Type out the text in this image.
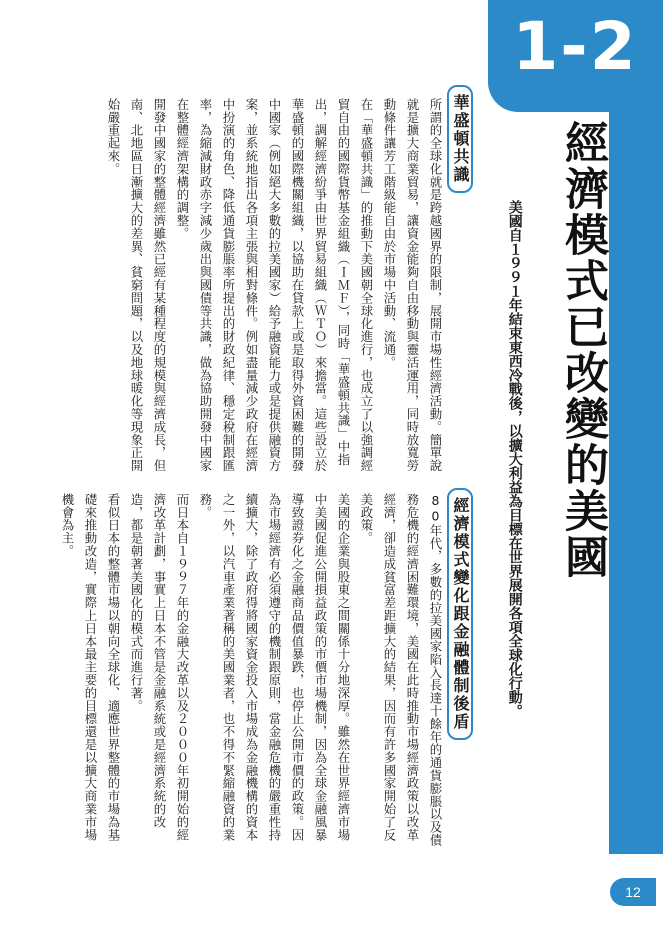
1-2
經濟模式已改變的美國
美國自１９９１年結束東西冷戰後，以擴大利益為目標在世界展開各項全球化行動。
華盛頓共識

所謂的全球化就是跨越國界的限制，展開市場性經濟活動。簡單說就是擴大商業貿易，讓資金能夠自由移動與靈活運用，同時放寬勞動條件讓芳工階級能自由於市場中活動、流通。

在「華盛頓共識」的推動下美國朝全球化進行，也成立了以強調經貿自由的國際貨幣基金組織（ＩＭＦ），同時「華盛頓共識」中指出，調解經濟紛爭由世界貿易組織（ＷＴＯ）來擔當。這些設立於華盛頓的國際機關組織，以協助在貸款上或是取得外資困難的開發中國家（例如絕大多數的拉美國家）給予融資能力或是提供融資方案，並系統地指出各項主張與相對條件。例如盡量減少政府在經濟中扮演的角色、降低通貨膨脹率所提出的財政紀律、穩定稅制跟匯率，為縮減財政赤字減少歲出與國債等共識，做為協助開發中國家在整體經濟架構的調整。

開發中國家的整體經濟雖然已經有某種程度的規模與經濟成長，但南、北地區日漸擴大的差異、貧窮問題，以及地球暖化等現象正開始嚴重起來。

經濟模式變化跟金融體制後盾

80年代，多數的拉美國家陷入長達十餘年的通貨膨脹以及債務危機的經濟困難環境，美國在此時推動市場經濟政策以改革經濟，卻造成貧富差距擴大的結果，因而有許多國家開始了反美政策。

美國的企業與股東之間關係十分地深厚。雖然在世界經濟市場中美國促進公開損益政策的市價市場機制，因為全球金融風暴導致證券化之金融商品價值暴跌，也停止公開市價的政策。因為市場經濟有必須遵守的機制跟原則，當金融危機的嚴重性持續擴大，除了政府得將國家資金投入市場成為金融機構的資本之一外，以汽車產業著稱的美國業者，也不得不緊縮融資的業務。

而日本自１９９７年的金融大改革以及２０００年初開始的經濟改革計劃，事實上日本不管是金融系統或是經濟系統的改造，都是朝著美國化的模式而進行著。

看似日本的整體市場以朝向全球化、適應世界整體的市場為基礎來推動改造，實際上日本最主要的目標還是以擴大商業市場機會為主。

12
